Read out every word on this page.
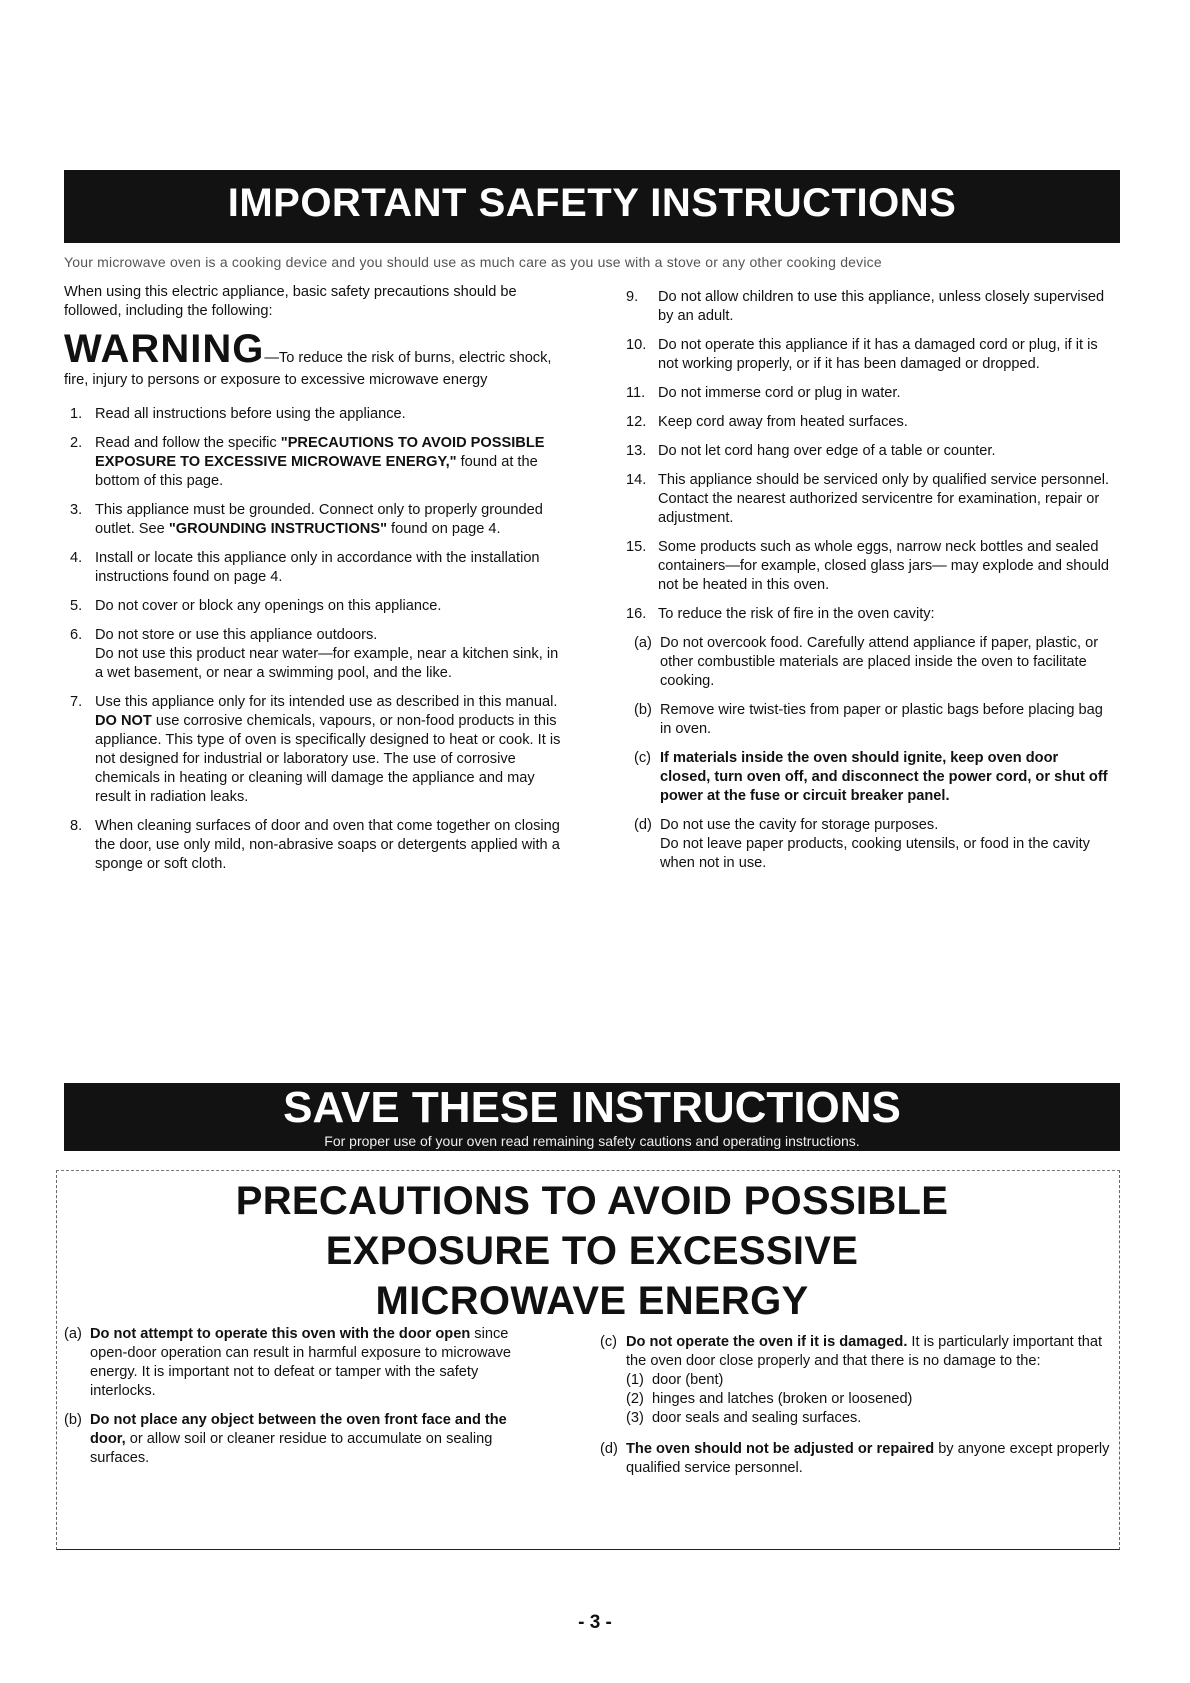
IMPORTANT SAFETY INSTRUCTIONS
Your microwave oven is a cooking device and you should use as much care as you use with a stove or any other cooking device

When using this electric appliance, basic safety precautions should be followed, including the following:

WARNING—To reduce the risk of burns, electric shock, fire, injury to persons or exposure to excessive microwave energy

1. Read all instructions before using the appliance.
2. Read and follow the specific "PRECAUTIONS TO AVOID POSSIBLE EXPOSURE TO EXCESSIVE MICROWAVE ENERGY," found at the bottom of this page.
3. This appliance must be grounded. Connect only to properly grounded outlet. See "GROUNDING INSTRUCTIONS" found on page 4.
4. Install or locate this appliance only in accordance with the installation instructions found on page 4.
5. Do not cover or block any openings on this appliance.
6. Do not store or use this appliance outdoors.
Do not use this product near water—for example, near a kitchen sink, in a wet basement, or near a swimming pool, and the like.
7. Use this appliance only for its intended use as described in this manual. DO NOT use corrosive chemicals, vapours, or non-food products in this appliance. This type of oven is specifically designed to heat or cook. It is not designed for industrial or laboratory use. The use of corrosive chemicals in heating or cleaning will damage the appliance and may result in radiation leaks.
8. When cleaning surfaces of door and oven that come together on closing the door, use only mild, non-abrasive soaps or detergents applied with a sponge or soft cloth.
9. Do not allow children to use this appliance, unless closely supervised by an adult.
10. Do not operate this appliance if it has a damaged cord or plug, if it is not working properly, or if it has been damaged or dropped.
11. Do not immerse cord or plug in water.
12. Keep cord away from heated surfaces.
13. Do not let cord hang over edge of a table or counter.
14. This appliance should be serviced only by qualified service personnel. Contact the nearest authorized servicentre for examination, repair or adjustment.
15. Some products such as whole eggs, narrow neck bottles and sealed containers—for example, closed glass jars— may explode and should not be heated in this oven.
16. To reduce the risk of fire in the oven cavity:
(a) Do not overcook food. Carefully attend appliance if paper, plastic, or other combustible materials are placed inside the oven to facilitate cooking.
(b) Remove wire twist-ties from paper or plastic bags before placing bag in oven.
(c) If materials inside the oven should ignite, keep oven door closed, turn oven off, and disconnect the power cord, or shut off power at the fuse or circuit breaker panel.
(d) Do not use the cavity for storage purposes.
Do not leave paper products, cooking utensils, or food in the cavity when not in use.
SAVE THESE INSTRUCTIONS
For proper use of your oven read remaining safety cautions and operating instructions.
PRECAUTIONS TO AVOID POSSIBLE
EXPOSURE TO EXCESSIVE
MICROWAVE ENERGY
(a) Do not attempt to operate this oven with the door open since open-door operation can result in harmful exposure to microwave energy. It is important not to defeat or tamper with the safety interlocks.
(b) Do not place any object between the oven front face and the door, or allow soil or cleaner residue to accumulate on sealing surfaces.
(c) Do not operate the oven if it is damaged. It is particularly important that the oven door close properly and that there is no damage to the:
(1) door (bent)
(2) hinges and latches (broken or loosened)
(3) door seals and sealing surfaces.
(d) The oven should not be adjusted or repaired by anyone except properly qualified service personnel.
- 3 -
